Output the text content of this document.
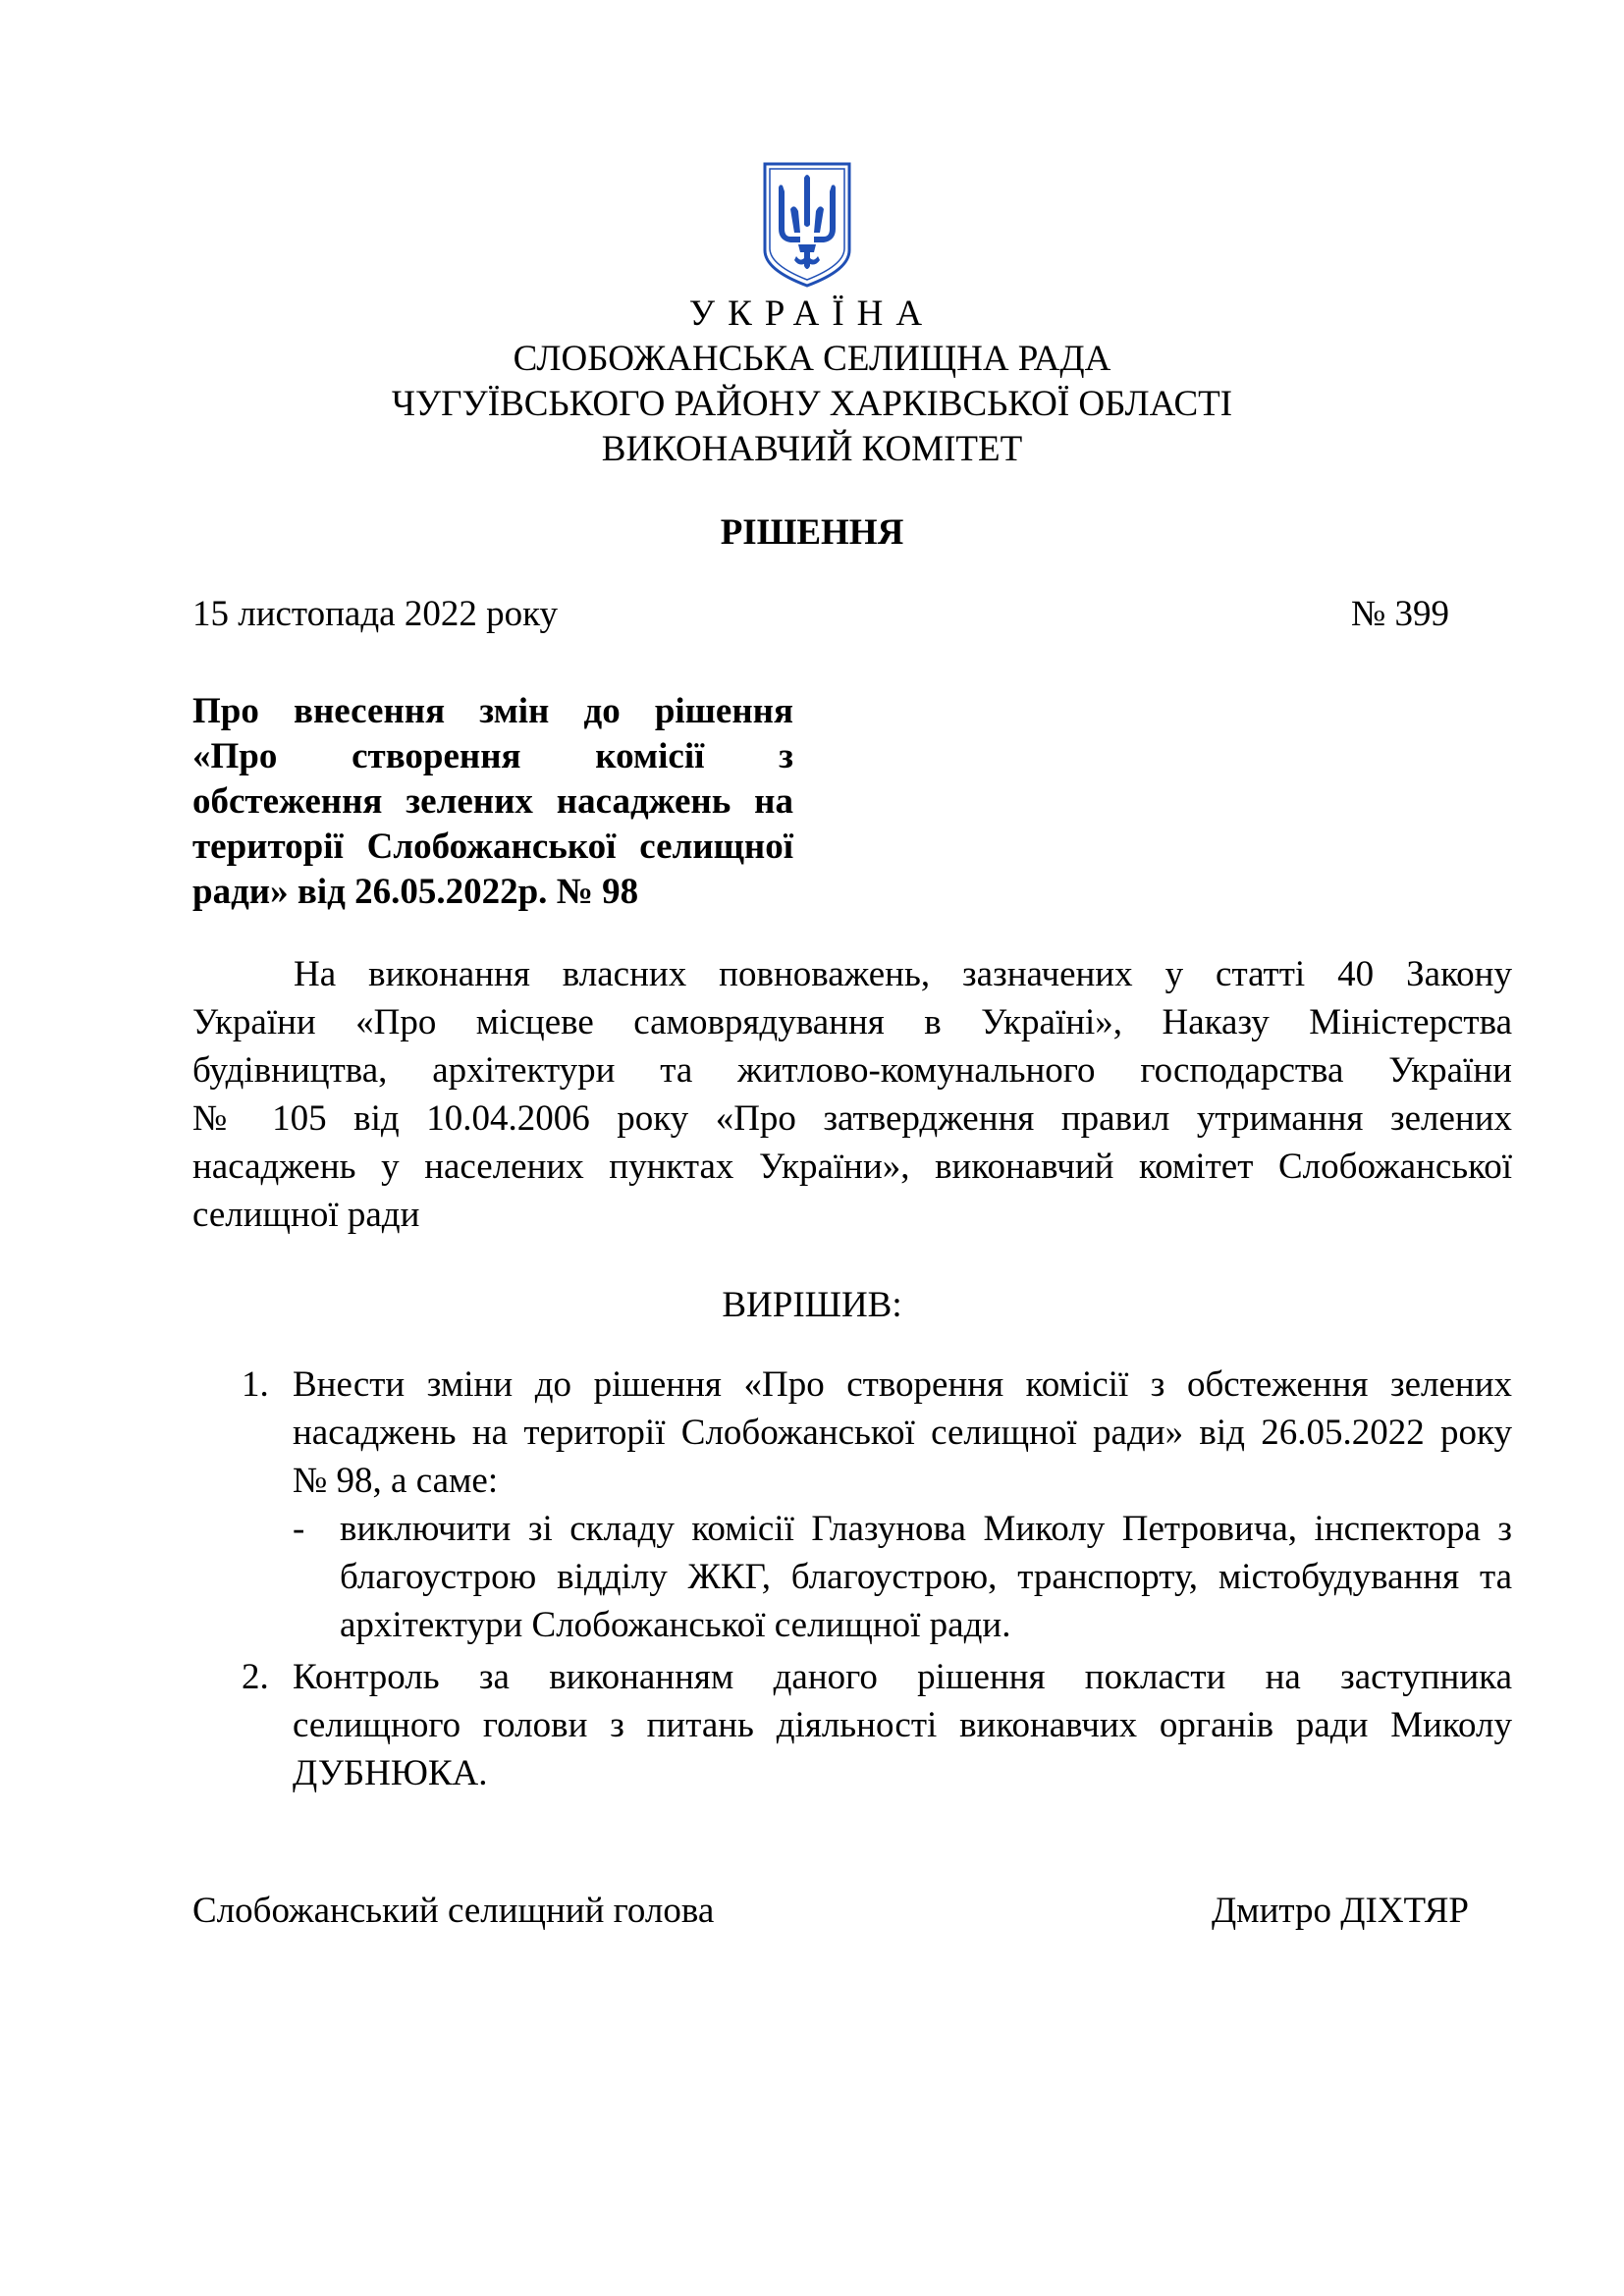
УКРАЇНА
СЛОБОЖАНСЬКА СЕЛИЩНА РАДА
ЧУГУЇВСЬКОГО РАЙОНУ ХАРКІВСЬКОЇ ОБЛАСТІ
ВИКОНАВЧИЙ КОМІТЕТ
РІШЕННЯ
15 листопада 2022 року	№ 399
Про внесення змін до рішення
«Про створення комісії з
обстеження зелених насаджень на
території Слобожанської селищної
ради» від 26.05.2022р. № 98
На виконання власних повноважень, зазначених у статті 40 Закону
України «Про місцеве самоврядування в Україні», Наказу Міністерства
будівництва, архітектури та житлово-комунального господарства України
№ 105 від 10.04.2006 року «Про затвердження правил утримання зелених
насаджень у населених пунктах України», виконавчий комітет Слобожанської
селищної ради
ВИРІШИВ:
1. Внести зміни до рішення «Про створення комісії з обстеження зелених
насаджень на території Слобожанської селищної ради» від 26.05.2022 року
№ 98, а саме:
- виключити зі складу комісії Глазунова Миколу Петровича, інспектора з
благоустрою відділу ЖКГ, благоустрою, транспорту, містобудування та
архітектури Слобожанської селищної ради.
2. Контроль за виконанням даного рішення покласти на заступника
селищного голови з питань діяльності виконавчих органів ради Миколу
ДУБНЮКА.
Слобожанський селищний голова	Дмитро ДІХТЯР
